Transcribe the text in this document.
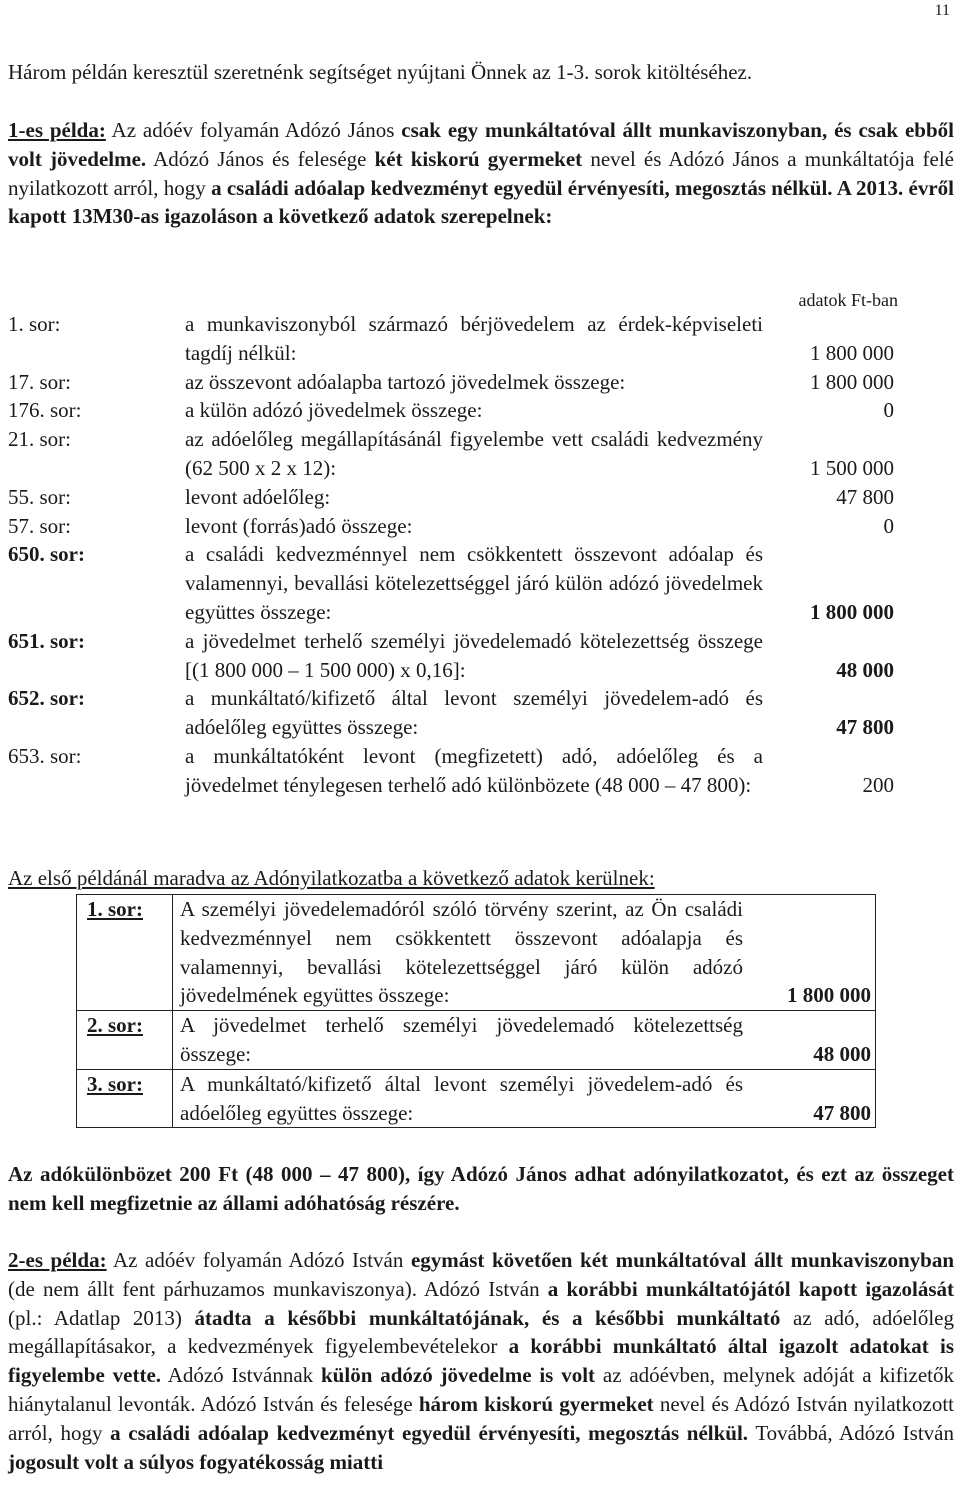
11

Három példán keresztül szeretnénk segítséget nyújtani Önnek az 1-3. sorok kitöltéséhez.

1-es példa: Az adóév folyamán Adózó János csak egy munkáltatóval állt munkaviszonyban, és csak ebből volt jövedelme. Adózó János és felesége két kiskorú gyermeket nevel és Adózó János a munkáltatója felé nyilatkozott arról, hogy a családi adóalap kedvezményt egyedül érvényesíti, megosztás nélkül. A 2013. évről kapott 13M30-as igazoláson a következő adatok szerepelnek:

adatok Ft-ban
1. sor:	a munkaviszonyból származó bérjövedelem az érdek-képviseleti tagdíj nélkül:	1 800 000
17. sor:	az összevont adóalapba tartozó jövedelmek összege:	1 800 000
176. sor:	a külön adózó jövedelmek összege:	0
21. sor:	az adóelőleg megállapításánál figyelembe vett családi kedvezmény (62 500 x 2 x 12):	1 500 000
55. sor:	levont adóelőleg:	47 800
57. sor:	levont (forrás)adó összege:	0
650. sor:	a családi kedvezménnyel nem csökkentett összevont adóalap és valamennyi, bevallási kötelezettséggel járó külön adózó jövedelmek együttes összege:	1 800 000
651. sor:	a jövedelmet terhelő személyi jövedelemadó kötelezettség összege [(1 800 000 – 1 500 000) x 0,16]:	48 000
652. sor:	a munkáltató/kifizető által levont személyi jövedelem-adó és adóelőleg együttes összege:	47 800
653. sor:	a munkáltatóként levont (megfizetett) adó, adóelőleg és a jövedelmet ténylegesen terhelő adó különbözete (48 000 – 47 800):	200
Az első példánál maradva az Adónyilatkozatba a következő adatok kerülnek:
1. sor: A személyi jövedelemadóról szóló törvény szerint, az Ön családi kedvezménnyel nem csökkentett összevont adóalapja és valamennyi, bevallási kötelezettséggel járó külön adózó jövedelmének együttes összege:	1 800 000
2. sor: A jövedelmet terhelő személyi jövedelemadó kötelezettség összege:	48 000
3. sor: A munkáltató/kifizető által levont személyi jövedelem-adó és adóelőleg együttes összege:	47 800

Az adókülönbözet 200 Ft (48 000 – 47 800), így Adózó János adhat adónyilatkozatot, és ezt az összeget nem kell megfizetnie az állami adóhatóság részére.

2-es példa: Az adóév folyamán Adózó István egymást követően két munkáltatóval állt munkaviszonyban (de nem állt fent párhuzamos munkaviszonya). Adózó István a korábbi munkáltatójától kapott igazolását (pl.: Adatlap 2013) átadta a későbbi munkáltatójának, és a későbbi munkáltató az adó, adóelőleg megállapításakor, a kedvezmények figyelembevételekor a korábbi munkáltató által igazolt adatokat is figyelembe vette. Adózó Istvánnak külön adózó jövedelme is volt az adóévben, melynek adóját a kifizetők hiánytalanul levonták. Adózó István és felesége három kiskorú gyermeket nevel és Adózó István nyilatkozott arról, hogy a családi adóalap kedvezményt egyedül érvényesíti, megosztás nélkül. Továbbá, Adózó István jogosult volt a súlyos fogyatékosság miatti
